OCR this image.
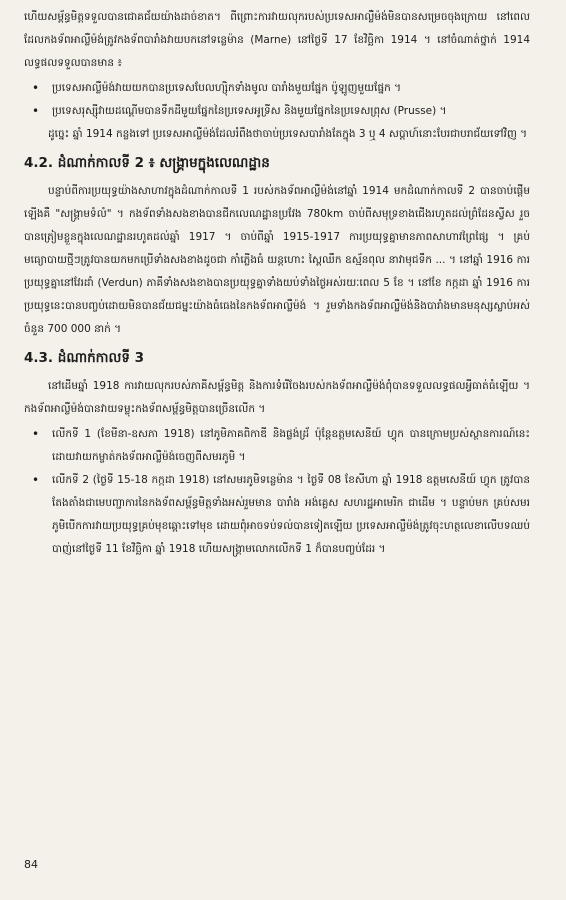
ហើយសម្ព័ន្ធមិត្តទទួលបានជោគជ័យយ៉ាងដាច់ខាត។ ពីព្រោះការវាយលុករបស់ប្រទេសអាល្លឺម៉ង់មិនបានសម្រេចចុងក្រោយ នៅពេលដែលកងទ័ពអាល្លឺម៉ង់ត្រូវកងទ័ពបារាំងវាយបកនៅទន្លេម៉ាន (Marne) នៅថ្ងៃទី 17 ខែវិច្ឆិកា 1914 ។ នៅចំណាត់ថ្នាក់ 1914 លទ្ធផលទទួលបានមាន ៖

• ប្រទេសអាល្លឺម៉ង់វាយយកបានប្រទេសបែលហ្ស៊ិកទាំងមូល បារាំងមួយផ្នែក ប៉ូឡូញមួយផ្នែក ។
• ប្រទេសរុស្ស៊ីវាយដណ្តើមបានទឹកដីមួយផ្នែកនៃប្រទេសអូទ្រីស និងមួយផ្នែកនៃប្រទេសព្រុស (Prusse) ។

ដូច្នេះ ឆ្នាំ 1914 កន្លងទៅ ប្រទេសអាល្លឺម៉ង់ដែលរំពឹងថាចាប់ប្រទេសបារាំងតែក្នុង 3 ឬ 4 សប្តាហ៍នោះបែរជាបរាជ័យទៅវិញ ។

4.2. ដំណាក់កាលទី 2 ៖ សង្គ្រាមក្នុងលេណដ្ឋាន

បន្ទាប់ពីការប្រយុទ្ធយ៉ាងសាហាវក្នុងដំណាក់កាលទី 1 របស់កងទ័ពអាល្លឺម៉ង់នៅឆ្នាំ 1914 មកដំណាក់កាលទី 2 បានចាប់ផ្តើមឡើងគឺ "សង្គ្រាមទំលំ" ។ កងទ័ពទាំងសងខាងបានជីកលេណដ្ឋានប្រវែង 780km ចាប់ពីសមុទ្រខាងជើងរហូតដល់ព្រំដែនស្វីស រួចបានត្រៀមខ្លួនក្នុងលេណដ្ឋានរហូតដល់ឆ្នាំ 1917 ។ ចាប់ពីឆ្នាំ 1915-1917 ការប្រយុទ្ធគ្នាមានភាពសាហាវព្រៃផ្សៃ ។ គ្រប់មធ្យោបាយថ្មីៗត្រូវបានយកមកប្រើទាំងសងខាងដូចជា កាំភ្លើងធំ យន្តហោះ ស្ពៃឈឹក ឧស្ម័នពុល នាវាមុជទឹក ... ។ នៅឆ្នាំ 1916 ការប្រយុទ្ធគ្នានៅវែរដាំ (Verdun) ភាគីទាំងសងខាងបានប្រយុទ្ធគ្នាទាំងយប់ទាំងថ្ងៃអស់រយៈពេល 5 ខែ ។ នៅខែ កក្កដា ឆ្នាំ 1916 ការប្រយុទ្ធនេះបានបញ្ចប់ដោយមិនបានជ័យជម្នះយ៉ាងធំធេងនៃកងទ័ពអាល្លឺម៉ង់ ។ រួមទាំងកងទ័ពអាល្លឺម៉ង់និងបារាំងមានមនុស្សស្លាប់អស់ចំនួន 700 000 នាក់ ។

4.3. ដំណាក់កាលទី 3

នៅដើមឆ្នាំ 1918 ការវាយលុករបស់ភាគីសម្ព័ន្ធមិត្ត និងការទំរើចែងរបស់កងទ័ពអាល្លឺម៉ង់ពុំបានទទួលលទ្ធផលអ្វីធាត់ធំឡើយ ។ កងទ័ពអាល្លឺម៉ង់បានវាយទម្លុះកងទ័ពសម្ព័ន្ធមិត្តបានច្រើនលើក ។

• លើកទី 1 (ខែមីនា-ឧសភា 1918) នៅភូមិភាគពិកាឌី និងផ្លង់ដ្រ័ ប៉ុន្តែឧត្តមសេនីយ៍ ហ្វុក បានក្រោមប្រស់ស្ថានការណ៍នេះដោយវាយកម្ចាត់កងទ័ពអាល្លឺម៉ង់ចេញពីសមរភូមិ ។
• លើកទី 2 (ថ្ងៃទី 15-18 កក្កដា 1918) នៅសមរភូមិទន្លេម៉ាន ។ ថ្ងៃទី 08 ខែសីហា ឆ្នាំ 1918 ឧត្តមសេនីយ៍ ហ្វុក ត្រូវបានតែងតាំងជាមេបញ្ជាការនៃកងទ័ពសម្ព័ន្ធមិត្តទាំងអស់រួមមាន បារាំង អង់គ្លេស សហរដ្ឋអាមេរិក ជាដើម ។ បន្ទាប់មក គ្រប់សមរភូមិបើកការវាយប្រយុទ្ធគ្រប់មុខឆ្ពោះទៅមុខ ដោយពុំអាចទប់ទល់បានទៀតឡើយ ប្រទេសអាល្លឺម៉ង់ត្រូវចុះហត្ថលេខាលើបទឈប់បាញ់នៅថ្ងៃទី 11 ខែវិច្ឆិកា ឆ្នាំ 1918 ហើយសង្គ្រាមលោកលើកទី 1 ក៏បានបញ្ចប់ដែរ ។
84
